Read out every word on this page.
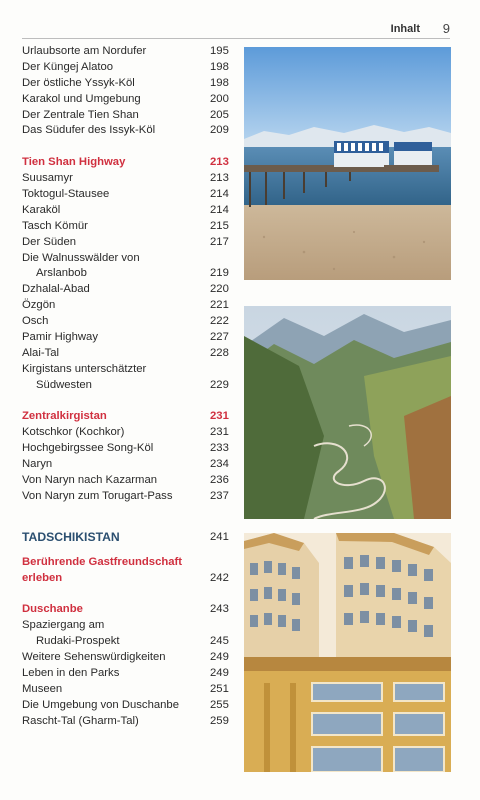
Inhalt 9
Urlaubsorte am Nordufer	195
Der Küngej Alatoo	198
Der östliche Yssyk-Köl	198
Karakol und Umgebung	200
Der Zentrale Tien Shan	205
Das Südufer des Issyk-Köl	209
Tien Shan Highway	213
Suusamyr	213
Toktogul-Stausee	214
Karaköl	214
Tasch Kömür	215
Der Süden	217
Die Walnusswälder von
Arslanbob	219
Dzhalal-Abad	220
Özgön	221
Osch	222
Pamir Highway	227
Alai-Tal	228
Kirgistans unterschätzter
Südwesten	229
Zentralkirgistan	231
Kotschkor (Kochkor)	231
Hochgebirgssee Song-Köl	233
Naryn	234
Von Naryn nach Kazarman	236
Von Naryn zum Torugart-Pass	237
TADSCHIKISTAN	241
Berührende Gastfreundschaft
erleben	242
Duschanbe	243
Spaziergang am
Rudaki-Prospekt	245
Weitere Sehenswürdigkeiten	249
Leben in den Parks	249
Museen	251
Die Umgebung von Duschanbe	255
Rascht-Tal (Gharm-Tal)	259
